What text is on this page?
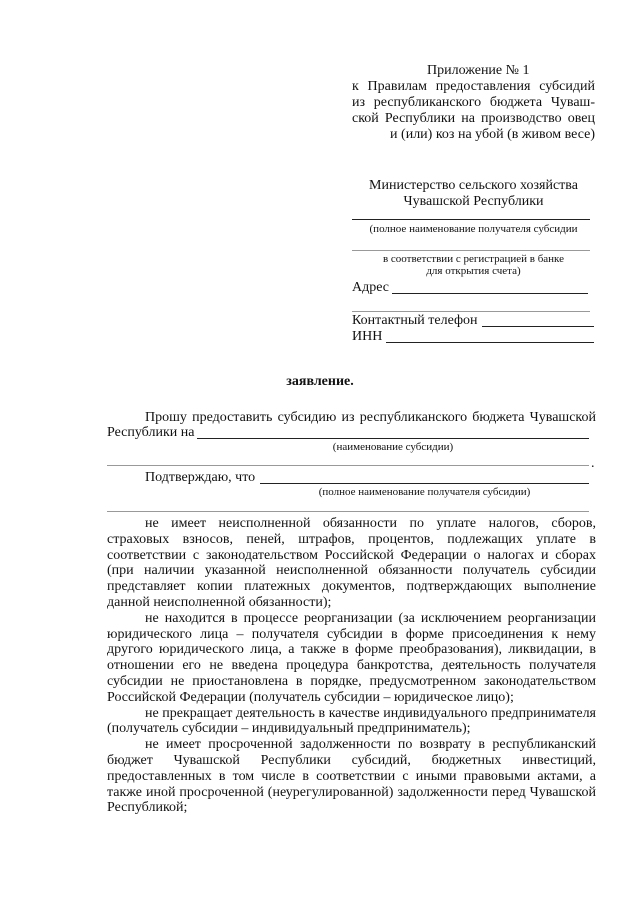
Приложение № 1
к Правилам предоставления субсидий
из республиканского бюджета Чуваш-
ской Республики на производство овец
и (или) коз на убой (в живом весе)
Министерство сельского хозяйства
Чувашской Республики
(полное наименование получателя субсидии
в соответствии с регистрацией в банке
для открытия счета)
Адрес
Контактный телефон
ИНН
заявление.
Прошу предоставить субсидию из республиканского бюджета Чувашской
Республики на
(наименование субсидии)
.
Подтверждаю, что
(полное наименование получателя субсидии)

не имеет неисполненной обязанности по уплате налогов, сборов, страховых взносов, пеней, штрафов, процентов, подлежащих уплате в соответствии с законодательством Российской Федерации о налогах и сборах (при наличии указанной неисполненной обязанности получатель субсидии представляет копии платежных документов, подтверждающих выполнение данной неисполненной обязанности);

не находится в процессе реорганизации (за исключением реорганизации юридического лица – получателя субсидии в форме присоединения к нему другого юридического лица, а также в форме преобразования), ликвидации, в отношении его не введена процедура банкротства, деятельность получателя субсидии не приостановлена в порядке, предусмотренном законодательством Российской Федерации (получатель субсидии – юридическое лицо);

не прекращает деятельность в качестве индивидуального предпринимателя (получатель субсидии – индивидуальный предприниматель);

не имеет просроченной задолженности по возврату в республиканский бюджет Чувашской Республики субсидий, бюджетных инвестиций, предоставленных в том числе в соответствии с иными правовыми актами, а также иной просроченной (неурегулированной) задолженности перед Чувашской Республикой;
